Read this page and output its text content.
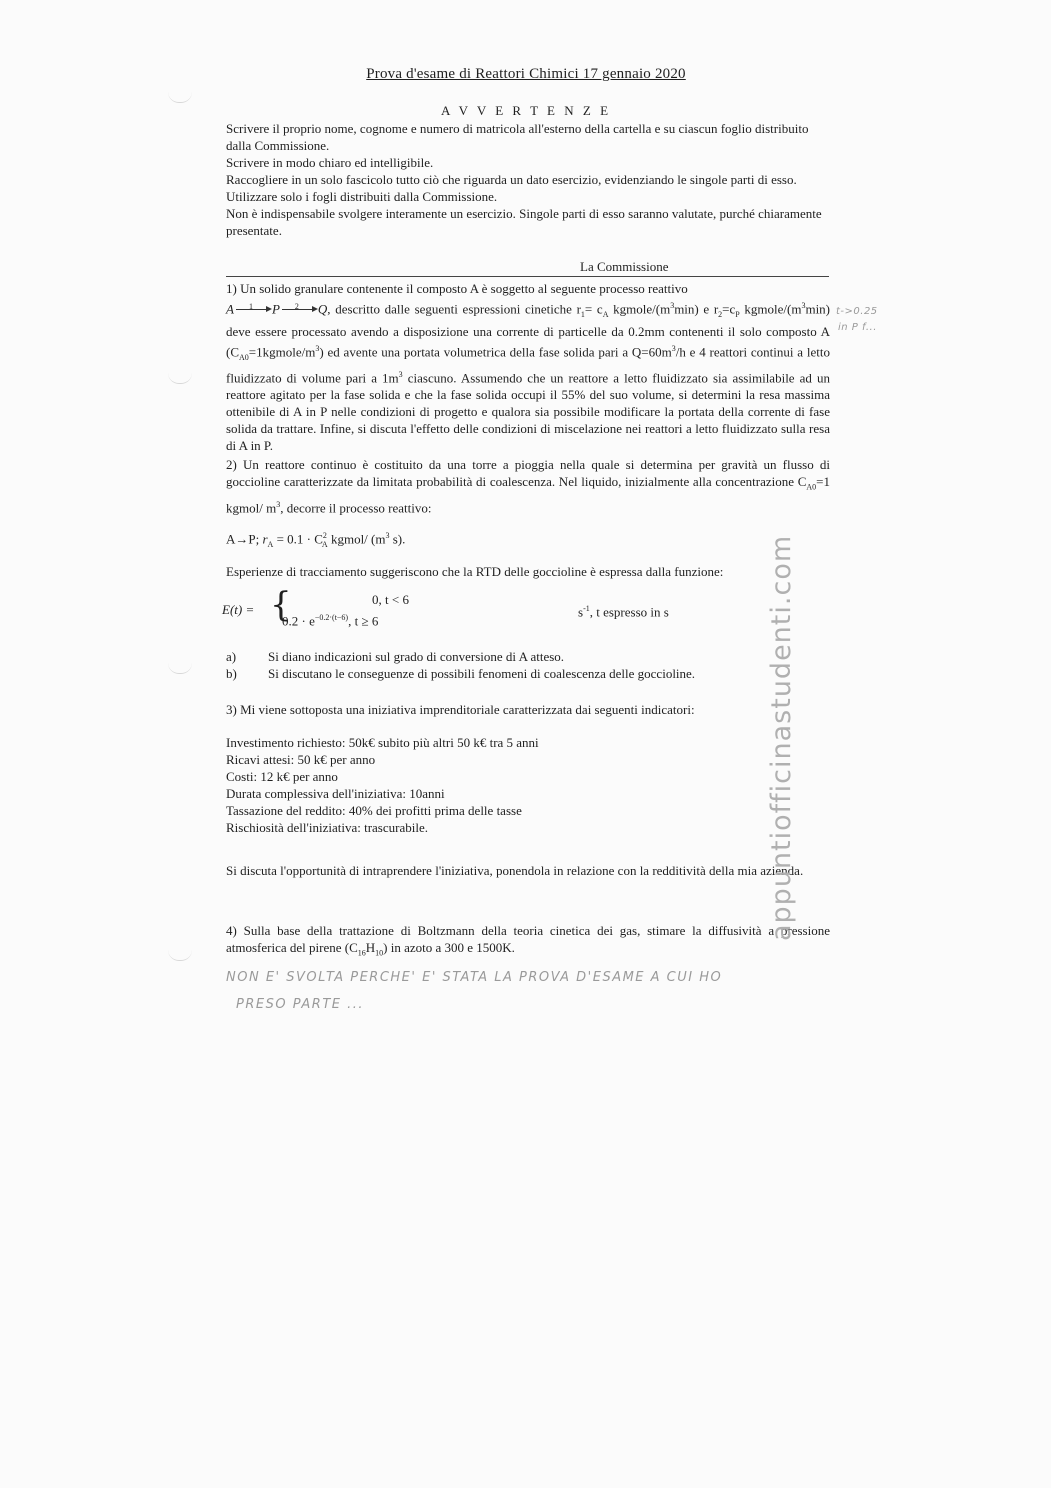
Prova d'esame di Reattori Chimici 17 gennaio 2020
A V V E R T E N Z E

Scrivere il proprio nome, cognome e numero di matricola all'esterno della cartella e su ciascun foglio distribuito dalla Commissione.

Scrivere in modo chiaro ed intelligibile.

Raccogliere in un solo fascicolo tutto ciò che riguarda un dato esercizio, evidenziando le singole parti di esso.

Utilizzare solo i fogli distribuiti dalla Commissione.

Non è indispensabile svolgere interamente un esercizio. Singole parti di esso saranno valutate, purché chiaramente presentate.

La Commissione

1) Un solido granulare contenente il composto A è soggetto al seguente processo reattivo
A 1 P 2 Q, descritto dalle seguenti espressioni cinetiche $r_1= c_A$ kgmole/$(m^3\min)$ e $r_2=c_P$ kgmole/$(m^3\min)$ deve essere processato avendo a disposizione una corrente di particelle da 0.2mm contenenti il solo composto A $(C_{A0}=1kgmole/m^3)$ ed avente una portata volumetrica della fase solida pari a $Q=60m^3/h$ e 4 reattori continui a letto fluidizzato di volume pari a $1m^3$ ciascuno. Assumendo che un reattore a letto fluidizzato sia assimilabile ad un reattore agitato per la fase solida e che la fase solida occupi il 55% del suo volume, si determini la resa massima ottenibile di A in P nelle condizioni di progetto e qualora sia possibile modificare la portata della corrente di fase solida da trattare. Infine, si discuta l'effetto delle condizioni di miscelazione nei reattori a letto fluidizzato sulla resa di A in P.

t->0.25
in P f...

2) Un reattore continuo è costituito da una torre a pioggia nella quale si determina per gravità un flusso di goccioline caratterizzate da limitata probabilità di coalescenza. Nel liquido, inizialmente alla concentrazione $C_{A0}=1$ kgmol/ $m^3$, decorre il processo reattivo:

A→P; $r_A = 0.1 \cdot C^2_A$ kgmol/ ($m^3$ s).
Esperienze di tracciamento suggeriscono che la RTD delle goccioline è espressa dalla funzione:
E(t) = {	0, t < 6
$0.2 \cdot e^{-0.2\cdot(t-6)}$, t ≥ 6
$s^{-1}$, t espresso in s
a) Si diano indicazioni sul grado di conversione di A atteso.
b) Si discutano le conseguenze di possibili fenomeni di coalescenza delle goccioline.
3) Mi viene sottoposta una iniziativa imprenditoriale caratterizzata dai seguenti indicatori:

Investimento richiesto: 50k€ subito più altri 50 k€ tra 5 anni

Ricavi attesi: 50 k€ per anno

Costi: 12 k€ per anno

Durata complessiva dell'iniziativa: 10anni

Tassazione del reddito: 40% dei profitti prima delle tasse

Rischiosità dell'iniziativa: trascurabile.

Si discuta l'opportunità di intraprendere l'iniziativa, ponendola in relazione con la redditività della mia azienda.
4) Sulla base della trattazione di Boltzmann della teoria cinetica dei gas, stimare la diffusività a pressione atmosferica del pirene $(C_{16}H_{10})$ in azoto a 300 e 1500K.
NON E' SVOLTA PERCHE' E' STATA LA PROVA D'ESAME A CUI HO
PRESO PARTE ...
appuntiofficinastudenti.com
